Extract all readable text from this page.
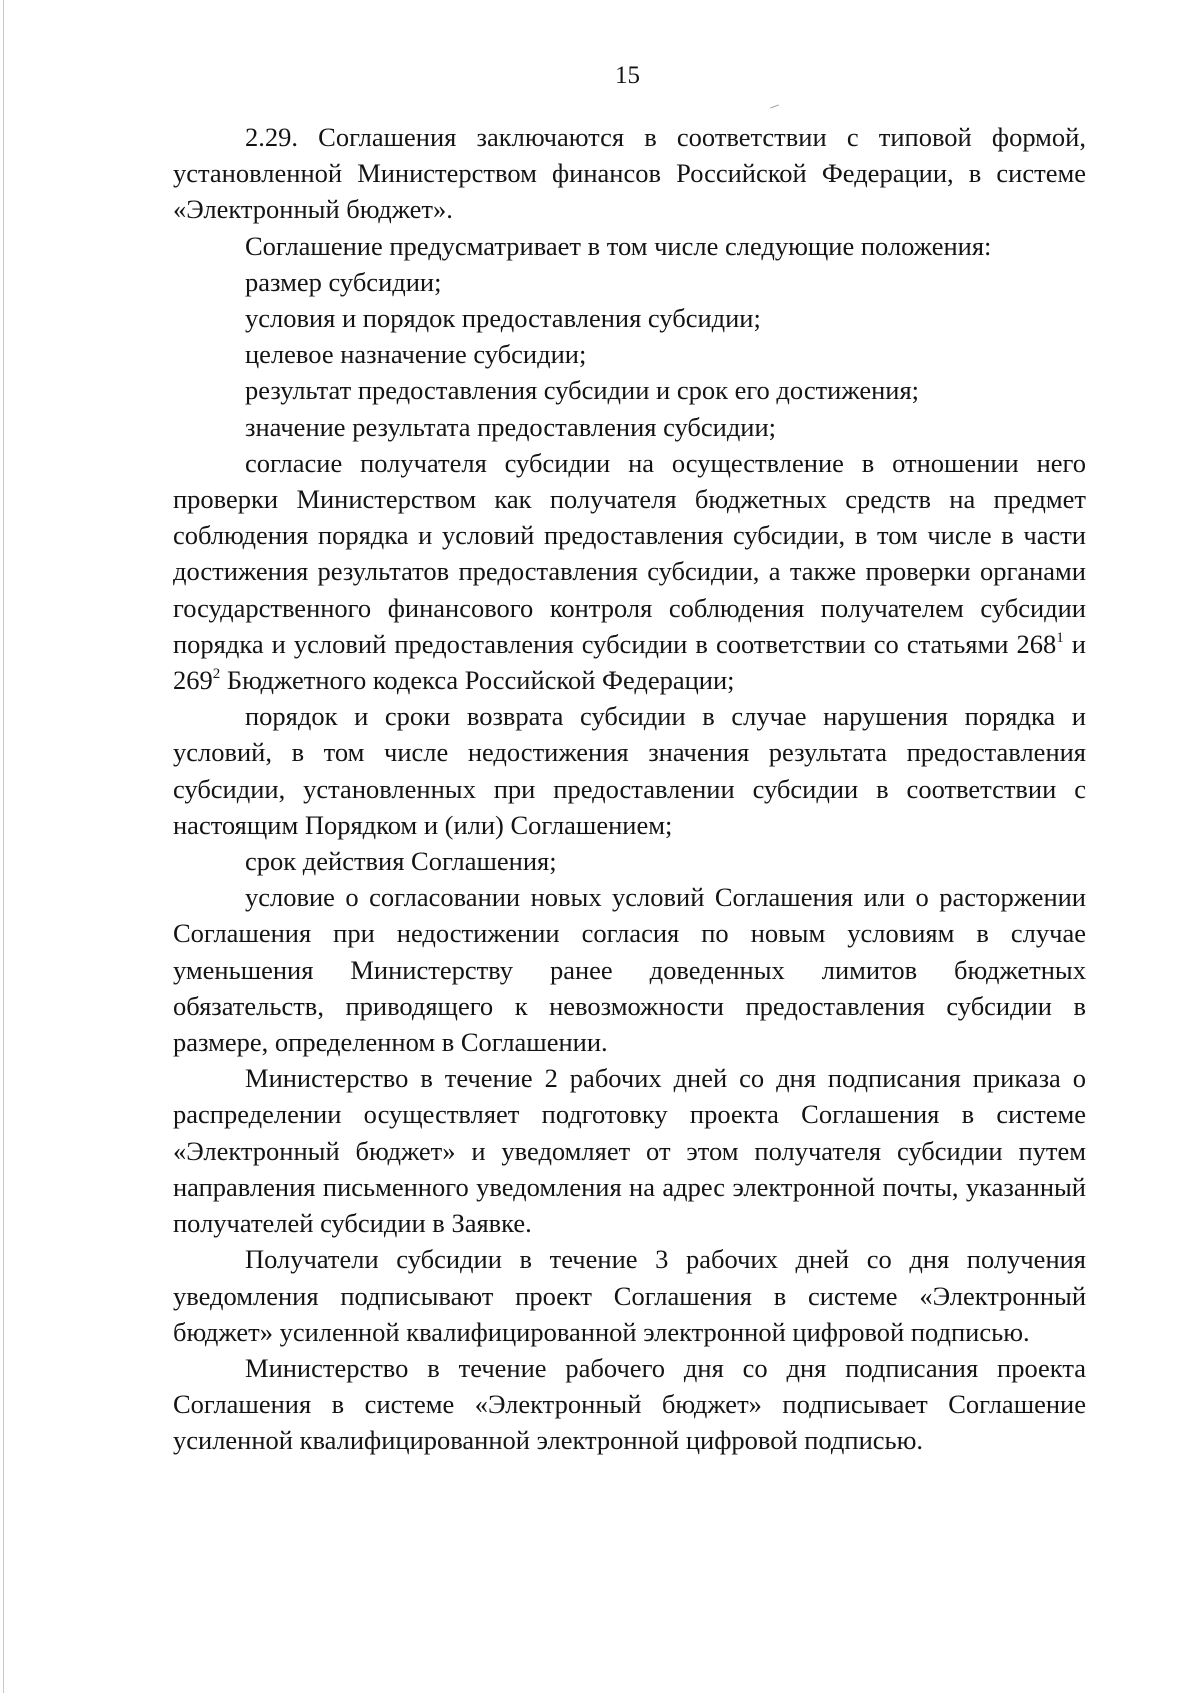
15

2.29. Соглашения заключаются в соответствии с типовой формой, установленной Министерством финансов Российской Федерации, в системе «Электронный бюджет».

Соглашение предусматривает в том числе следующие положения:

размер субсидии;

условия и порядок предоставления субсидии;

целевое назначение субсидии;

результат предоставления субсидии и срок его достижения;

значение результата предоставления субсидии;

согласие получателя субсидии на осуществление в отношении него проверки Министерством как получателя бюджетных средств на предмет соблюдения порядка и условий предоставления субсидии, в том числе в части достижения результатов предоставления субсидии, а также проверки органами государственного финансового контроля соблюдения получателем субсидии порядка и условий предоставления субсидии в соответствии со статьями $268^1$ и $269^2$ Бюджетного кодекса Российской Федерации;

порядок и сроки возврата субсидии в случае нарушения порядка и условий, в том числе недостижения значения результата предоставления субсидии, установленных при предоставлении субсидии в соответствии с настоящим Порядком и (или) Соглашением;

срок действия Соглашения;

условие о согласовании новых условий Соглашения или о расторжении Соглашения при недостижении согласия по новым условиям в случае уменьшения Министерству ранее доведенных лимитов бюджетных обязательств, приводящего к невозможности предоставления субсидии в размере, определенном в Соглашении.

Министерство в течение 2 рабочих дней со дня подписания приказа о распределении осуществляет подготовку проекта Соглашения в системе «Электронный бюджет» и уведомляет от этом получателя субсидии путем направления письменного уведомления на адрес электронной почты, указанный получателей субсидии в Заявке.

Получатели субсидии в течение 3 рабочих дней со дня получения уведомления подписывают проект Соглашения в системе «Электронный бюджет» усиленной квалифицированной электронной цифровой подписью.

Министерство в течение рабочего дня со дня подписания проекта Соглашения в системе «Электронный бюджет» подписывает Соглашение усиленной квалифицированной электронной цифровой подписью.
